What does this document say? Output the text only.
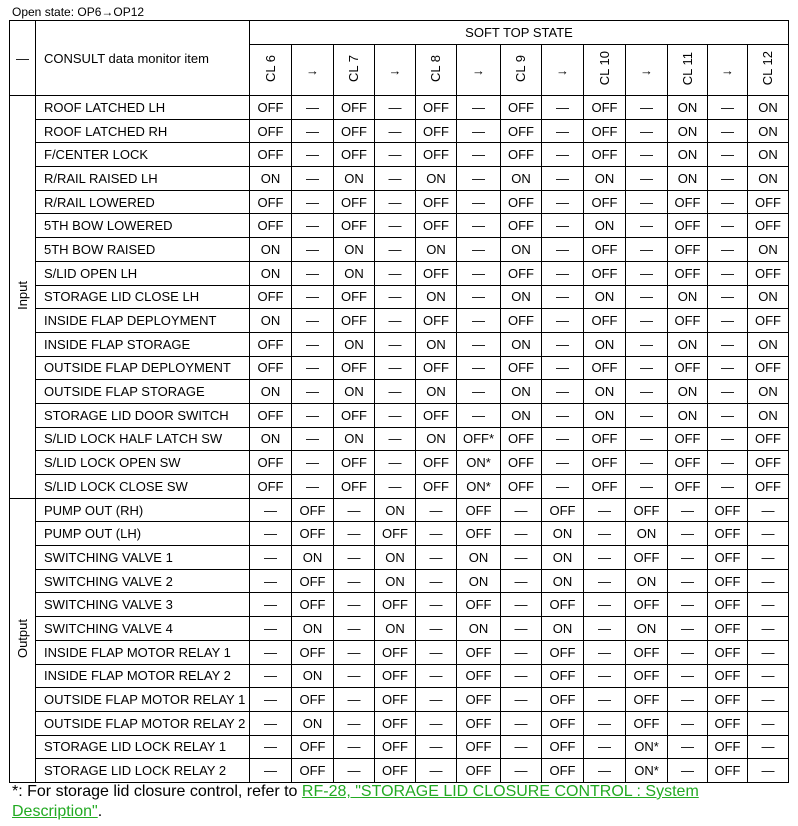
Open state: OP6→OP12
—	CONSULT data monitor item	SOFT TOP STATE												
		CL 6	→	CL 7	→	CL 8	→	CL 9	→	CL 10	→	CL 11	→	CL 12
Input	ROOF LATCHED LH	OFF	—	OFF	—	OFF	—	OFF	—	OFF	—	ON	—	ON
	ROOF LATCHED RH	OFF	—	OFF	—	OFF	—	OFF	—	OFF	—	ON	—	ON
	F/CENTER LOCK	OFF	—	OFF	—	OFF	—	OFF	—	OFF	—	ON	—	ON
	R/RAIL RAISED LH	ON	—	ON	—	ON	—	ON	—	ON	—	ON	—	ON
	R/RAIL LOWERED	OFF	—	OFF	—	OFF	—	OFF	—	OFF	—	OFF	—	OFF
	5TH BOW LOWERED	OFF	—	OFF	—	OFF	—	OFF	—	ON	—	OFF	—	OFF
	5TH BOW RAISED	ON	—	ON	—	ON	—	ON	—	OFF	—	OFF	—	ON
	S/LID OPEN LH	ON	—	ON	—	OFF	—	OFF	—	OFF	—	OFF	—	OFF
	STORAGE LID CLOSE LH	OFF	—	OFF	—	ON	—	ON	—	ON	—	ON	—	ON
	INSIDE FLAP DEPLOYMENT	ON	—	OFF	—	OFF	—	OFF	—	OFF	—	OFF	—	OFF
	INSIDE FLAP STORAGE	OFF	—	ON	—	ON	—	ON	—	ON	—	ON	—	ON
	OUTSIDE FLAP DEPLOYMENT	OFF	—	OFF	—	OFF	—	OFF	—	OFF	—	OFF	—	OFF
	OUTSIDE FLAP STORAGE	ON	—	ON	—	ON	—	ON	—	ON	—	ON	—	ON
	STORAGE LID DOOR SWITCH	OFF	—	OFF	—	OFF	—	ON	—	ON	—	ON	—	ON
	S/LID LOCK HALF LATCH SW	ON	—	ON	—	ON	OFF*	OFF	—	OFF	—	OFF	—	OFF
	S/LID LOCK OPEN SW	OFF	—	OFF	—	OFF	ON*	OFF	—	OFF	—	OFF	—	OFF
	S/LID LOCK CLOSE SW	OFF	—	OFF	—	OFF	ON*	OFF	—	OFF	—	OFF	—	OFF
Output	PUMP OUT (RH)	—	OFF	—	ON	—	OFF	—	OFF	—	OFF	—	OFF	—
	PUMP OUT (LH)	—	OFF	—	OFF	—	OFF	—	ON	—	ON	—	OFF	—
	SWITCHING VALVE 1	—	ON	—	ON	—	ON	—	ON	—	OFF	—	OFF	—
	SWITCHING VALVE 2	—	OFF	—	ON	—	ON	—	ON	—	ON	—	OFF	—
	SWITCHING VALVE 3	—	OFF	—	OFF	—	OFF	—	OFF	—	OFF	—	OFF	—
	SWITCHING VALVE 4	—	ON	—	ON	—	ON	—	ON	—	ON	—	OFF	—
	INSIDE FLAP MOTOR RELAY 1	—	OFF	—	OFF	—	OFF	—	OFF	—	OFF	—	OFF	—
	INSIDE FLAP MOTOR RELAY 2	—	ON	—	OFF	—	OFF	—	OFF	—	OFF	—	OFF	—
	OUTSIDE FLAP MOTOR RELAY 1	—	OFF	—	OFF	—	OFF	—	OFF	—	OFF	—	OFF	—
	OUTSIDE FLAP MOTOR RELAY 2	—	ON	—	OFF	—	OFF	—	OFF	—	OFF	—	OFF	—
	STORAGE LID LOCK RELAY 1	—	OFF	—	OFF	—	OFF	—	OFF	—	ON*	—	OFF	—
	STORAGE LID LOCK RELAY 2	—	OFF	—	OFF	—	OFF	—	OFF	—	ON*	—	OFF	—
*: For storage lid closure control, refer to RF-28, "STORAGE LID CLOSURE CONTROL : System Description".
